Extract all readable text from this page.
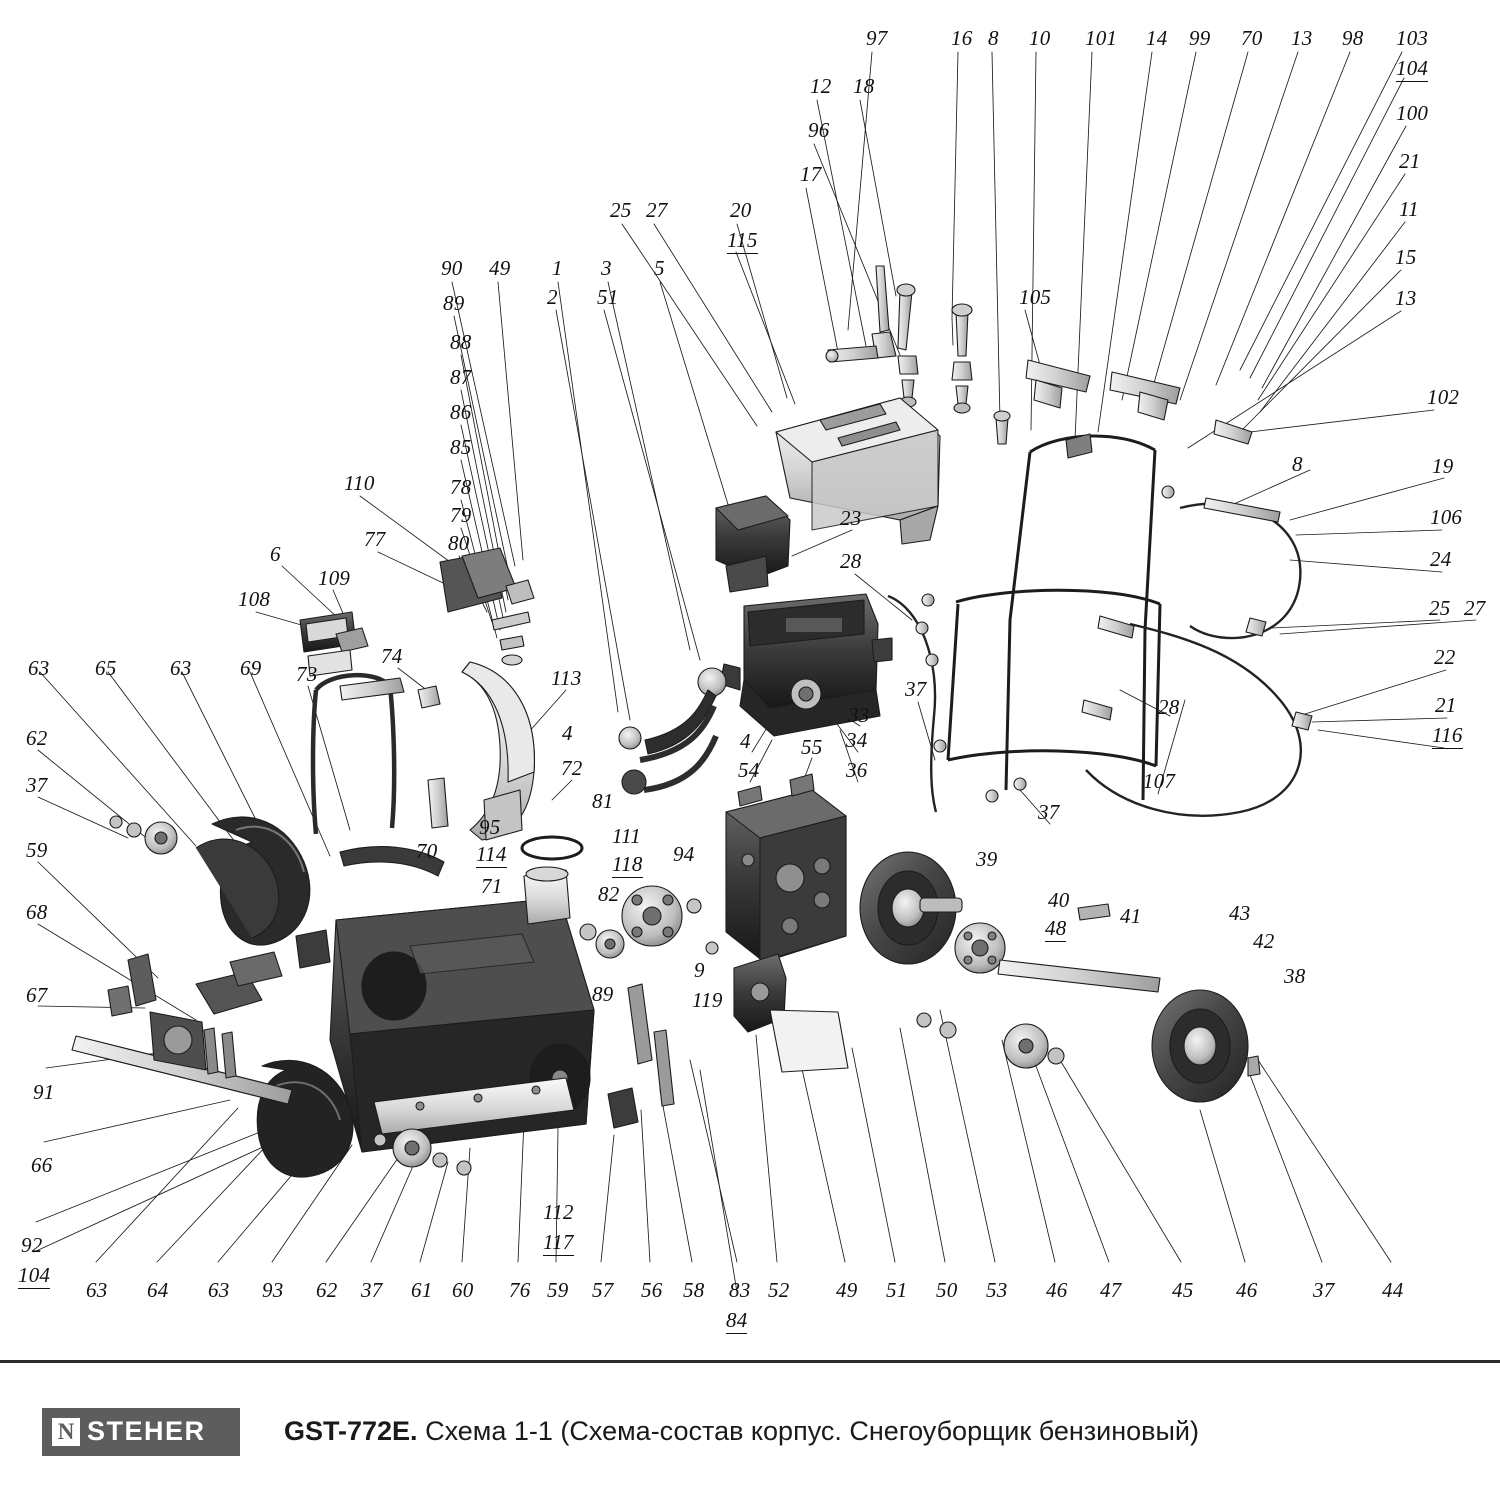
97	16 8 10 101 14 99 70 13 98 103
104
12 18
100
96
21
17
11
25 27	20
115
15
90 49 1 3 5
2 51	13
89	105
88
87
102
86
85
19
8
110	78
106
79	23
77	80
24
6	28
109
25 27
108
74	22
63 65	63 69 73	113	37
28	21
116
62
33
4	4 55 34
37
72	54	36	107
37
81
59	70
95	111
114	118	39
94
71	82
68	40
41	43
48
42
67
38
9
89	119
91
66
112
117
92
104
63 64 63 93 62 37 61 60 76 59 57 56 58 83 52
84
49 51 50 53 46 47 45 46	37 44
N STEHER	GST-772E. Схема 1-1 (Схема-состав корпус. Снегоуборщик бензиновый)
